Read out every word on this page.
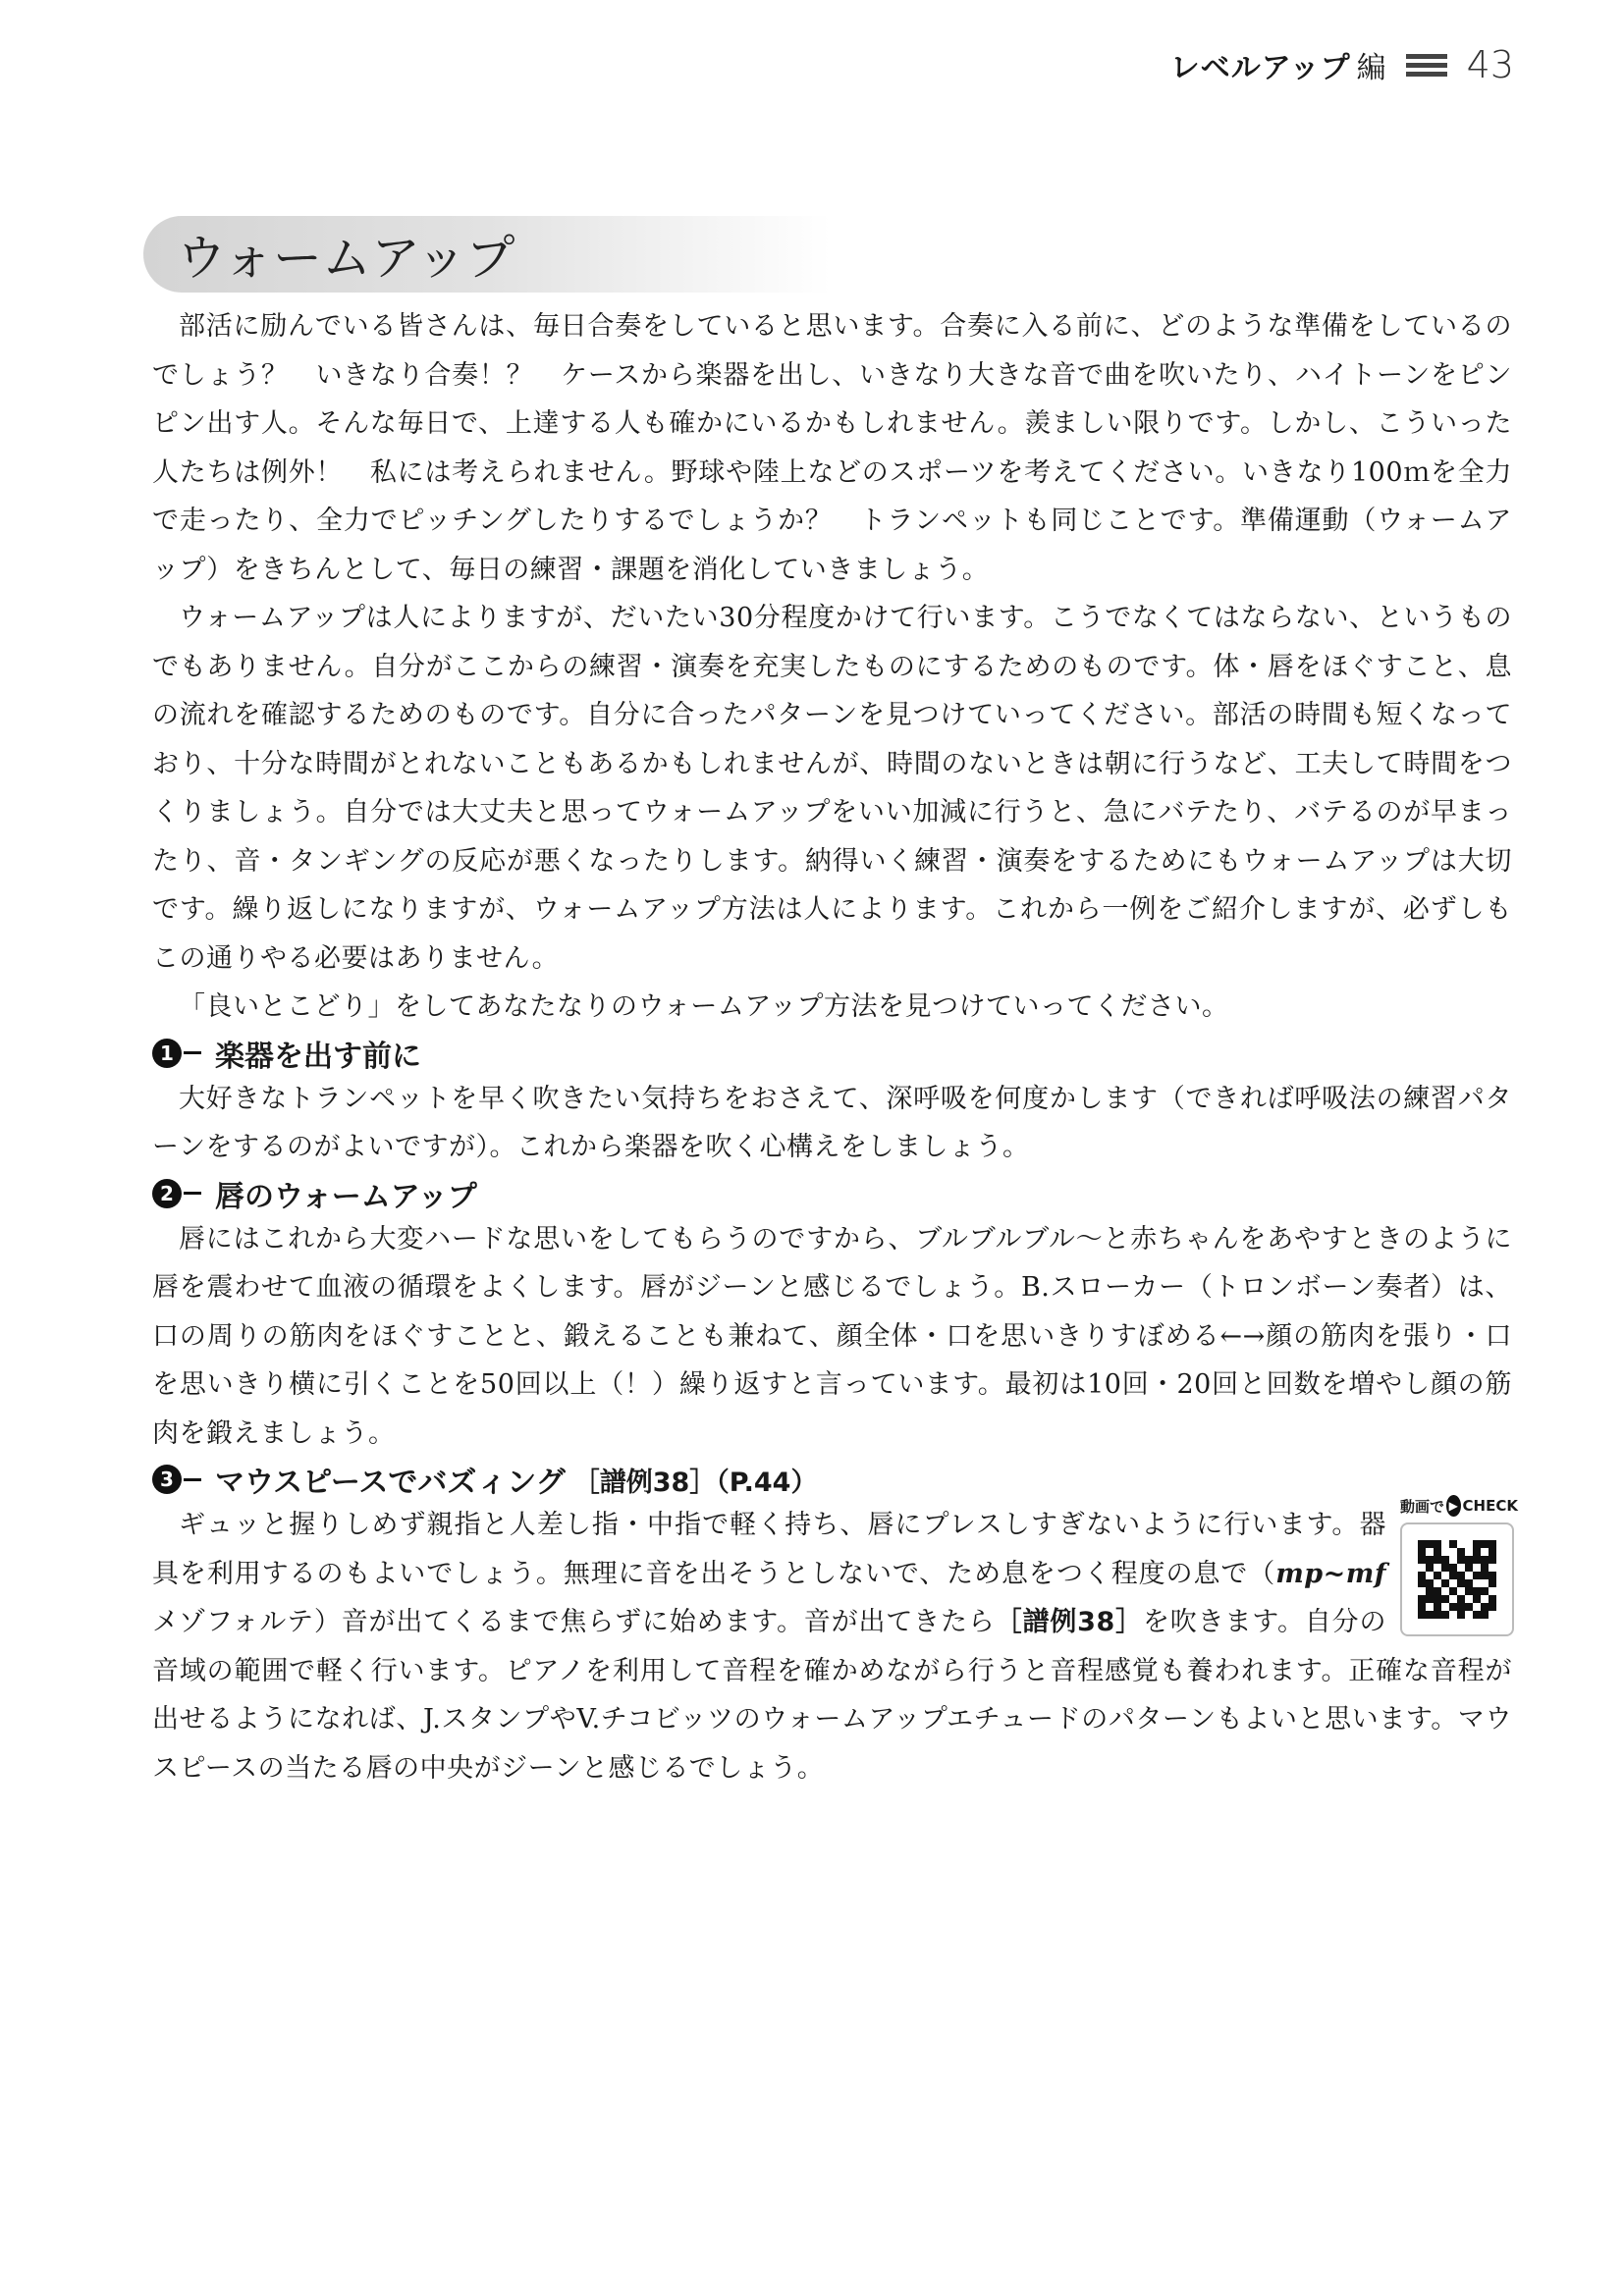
レベルアップ 編 43
ウォームアップ

部活に励んでいる皆さんは、毎日合奏をしていると思います。合奏に入る前に、どのような準備をしているのでしょう？　いきなり合奏！？　ケースから楽器を出し、いきなり大きな音で曲を吹いたり、ハイトーンをピンピン出す人。そんな毎日で、上達する人も確かにいるかもしれません。羨ましい限りです。しかし、こういった人たちは例外！　私には考えられません。野球や陸上などのスポーツを考えてください。いきなり100ｍを全力で走ったり、全力でピッチングしたりするでしょうか？　トランペットも同じことです。準備運動（ウォームアップ）をきちんとして、毎日の練習・課題を消化していきましょう。

ウォームアップは人によりますが、だいたい30分程度かけて行います。こうでなくてはならない、というものでもありません。自分がここからの練習・演奏を充実したものにするためのものです。体・唇をほぐすこと、息の流れを確認するためのものです。自分に合ったパターンを見つけていってください。部活の時間も短くなっており、十分な時間がとれないこともあるかもしれませんが、時間のないときは朝に行うなど、工夫して時間をつくりましょう。自分では大丈夫と思ってウォームアップをいい加減に行うと、急にバテたり、バテるのが早まったり、音・タンギングの反応が悪くなったりします。納得いく練習・演奏をするためにもウォームアップは大切です。繰り返しになりますが、ウォームアップ方法は人によります。これから一例をご紹介しますが、必ずしもこの通りやる必要はありません。

「良いとこどり」をしてあなたなりのウォームアップ方法を見つけていってください。

1 楽器を出す前に

大好きなトランペットを早く吹きたい気持ちをおさえて、深呼吸を何度かします（できれば呼吸法の練習パターンをするのがよいですが）。これから楽器を吹く心構えをしましょう。

2 唇のウォームアップ

唇にはこれから大変ハードな思いをしてもらうのですから、ブルブルブル～と赤ちゃんをあやすときのように唇を震わせて血液の循環をよくします。唇がジーンと感じるでしょう。B.スローカー（トロンボーン奏者）は、口の周りの筋肉をほぐすことと、鍛えることも兼ねて、顔全体・口を思いきりすぼめる←→顔の筋肉を張り・口を思いきり横に引くことを50回以上（！）繰り返すと言っています。最初は10回・20回と回数を増やし顔の筋肉を鍛えましょう。

3 マウスピースでバズィング ［譜例38］（P.44）
動画で ▶ CHECK

ギュッと握りしめず親指と人差し指・中指で軽く持ち、唇にプレスしすぎないように行います。器具を利用するのもよいでしょう。無理に音を出そうとしないで、ため息をつく程度の息で（mp~mfメゾフォルテ）音が出てくるまで焦らずに始めます。音が出てきたら［譜例38］を吹きます。自分の音域の範囲で軽く行います。ピアノを利用して音程を確かめながら行うと音程感覚も養われます。正確な音程が出せるようになれば、J.スタンプやV.チコビッツのウォームアップエチュードのパターンもよいと思います。マウスピースの当たる唇の中央がジーンと感じるでしょう。
